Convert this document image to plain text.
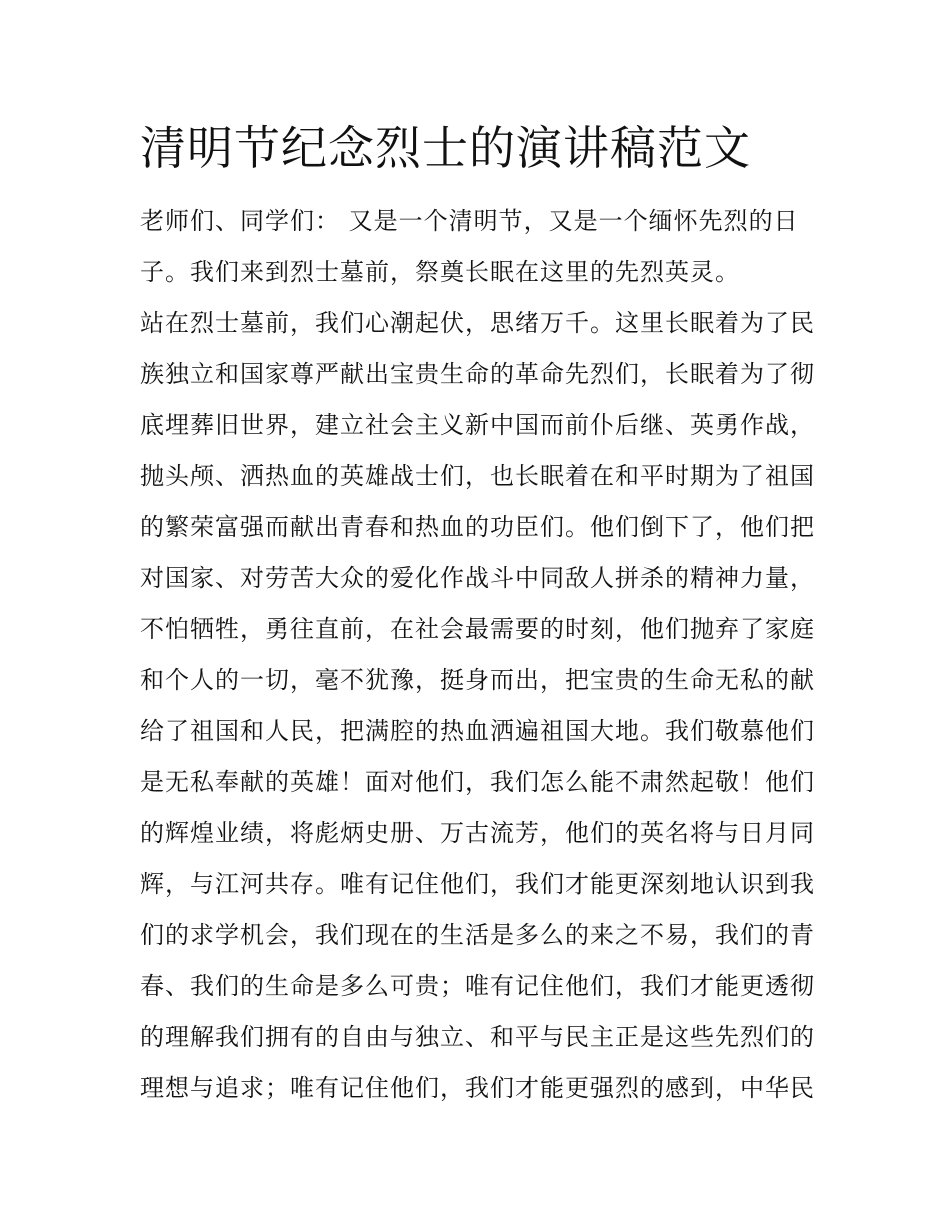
清明节纪念烈士的演讲稿范文
老师们、同学们： 又是一个清明节，又是一个缅怀先烈的日
子。我们来到烈士墓前，祭奠长眠在这里的先烈英灵。
站在烈士墓前，我们心潮起伏，思绪万千。这里长眠着为了民
族独立和国家尊严献出宝贵生命的革命先烈们，长眠着为了彻
底埋葬旧世界，建立社会主义新中国而前仆后继、英勇作战，
抛头颅、洒热血的英雄战士们，也长眠着在和平时期为了祖国
的繁荣富强而献出青春和热血的功臣们。他们倒下了，他们把
对国家、对劳苦大众的爱化作战斗中同敌人拼杀的精神力量，
不怕牺牲，勇往直前，在社会最需要的时刻，他们抛弃了家庭
和个人的一切，毫不犹豫，挺身而出，把宝贵的生命无私的献
给了祖国和人民，把满腔的热血洒遍祖国大地。我们敬慕他们
是无私奉献的英雄！面对他们，我们怎么能不肃然起敬！他们
的辉煌业绩，将彪炳史册、万古流芳，他们的英名将与日月同
辉，与江河共存。唯有记住他们，我们才能更深刻地认识到我
们的求学机会，我们现在的生活是多么的来之不易，我们的青
春、我们的生命是多么可贵；唯有记住他们，我们才能更透彻
的理解我们拥有的自由与独立、和平与民主正是这些先烈们的
理想与追求；唯有记住他们，我们才能更强烈的感到，中华民
